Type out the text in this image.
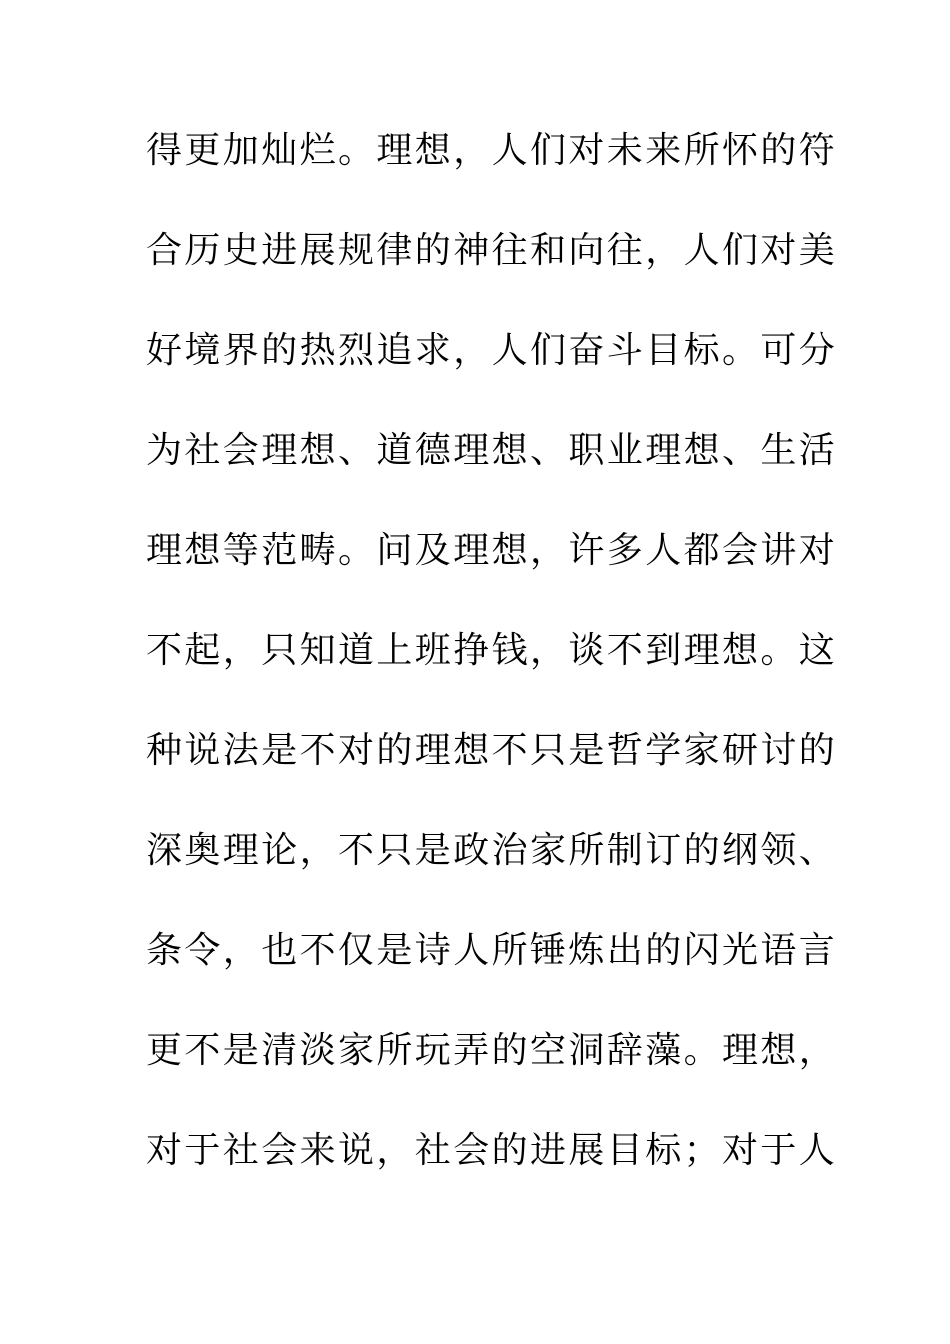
得更加灿烂。理想，人们对未来所怀的符

合历史进展规律的神往和向往，人们对美

好境界的热烈追求，人们奋斗目标。可分

为社会理想、道德理想、职业理想、生活

理想等范畴。问及理想，许多人都会讲对

不起，只知道上班挣钱，谈不到理想。这

种说法是不对的理想不只是哲学家研讨的

深奥理论，不只是政治家所制订的纲领、

条令，也不仅是诗人所锤炼出的闪光语言

更不是清淡家所玩弄的空洞辞藻。理想，

对于社会来说，社会的进展目标；对于人
